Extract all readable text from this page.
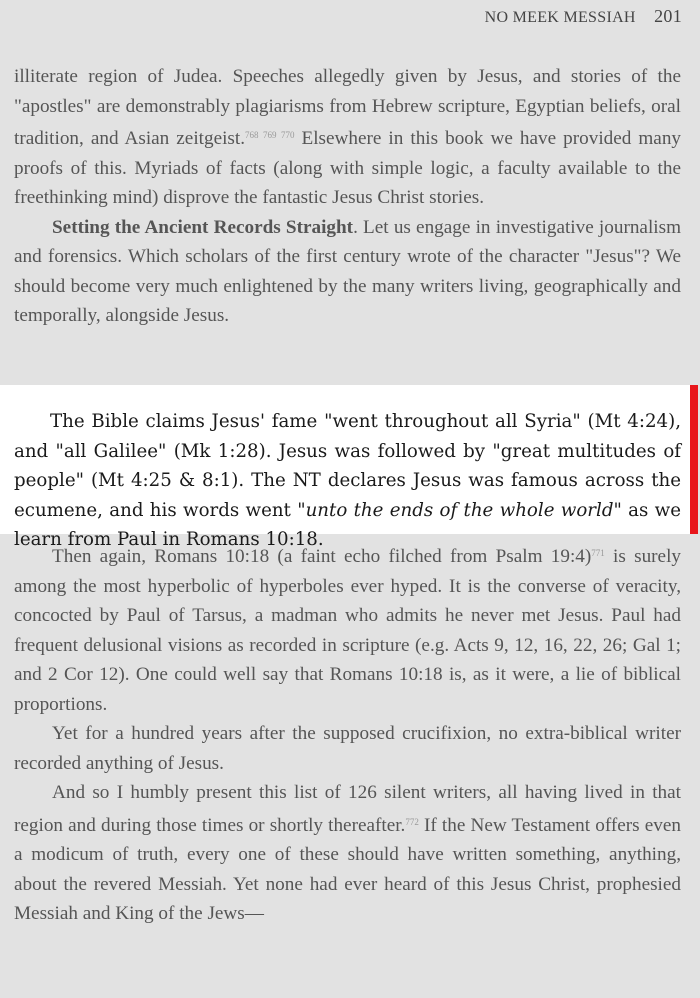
NO MEEK MESSIAH 201

illiterate region of Judea. Speeches allegedly given by Jesus, and stories of the "apostles" are demonstrably plagiarisms from Hebrew scripture, Egyptian beliefs, oral tradition, and Asian zeitgeist.$^{768 769 770}$ Elsewhere in this book we have provided many proofs of this. Myriads of facts (along with simple logic, a faculty available to the freethinking mind) disprove the fantastic Jesus Christ stories.

Setting the Ancient Records Straight. Let us engage in investigative journalism and forensics. Which scholars of the first century wrote of the character "Jesus"? We should become very much enlightened by the many writers living, geographically and temporally, alongside Jesus.

The Bible claims Jesus' fame "went throughout all Syria" (Mt 4:24), and "all Galilee" (Mk 1:28). Jesus was followed by "great multitudes of people" (Mt 4:25 & 8:1). The NT declares Jesus was famous across the ecumene, and his words went "unto the ends of the whole world" as we learn from Paul in Romans 10:18.

Then again, Romans 10:18 (a faint echo filched from Psalm 19:4)$^{771}$ is surely among the most hyperbolic of hyperboles ever hyped. It is the converse of veracity, concocted by Paul of Tarsus, a madman who admits he never met Jesus. Paul had frequent delusional visions as recorded in scripture (e.g. Acts 9, 12, 16, 22, 26; Gal 1; and 2 Cor 12). One could well say that Romans 10:18 is, as it were, a lie of biblical proportions.

Yet for a hundred years after the supposed crucifixion, no extra-biblical writer recorded anything of Jesus.

And so I humbly present this list of 126 silent writers, all having lived in that region and during those times or shortly thereafter.$^{772}$ If the New Testament offers even a modicum of truth, every one of these should have written something, anything, about the revered Messiah. Yet none had ever heard of this Jesus Christ, prophesied Messiah and King of the Jews—
